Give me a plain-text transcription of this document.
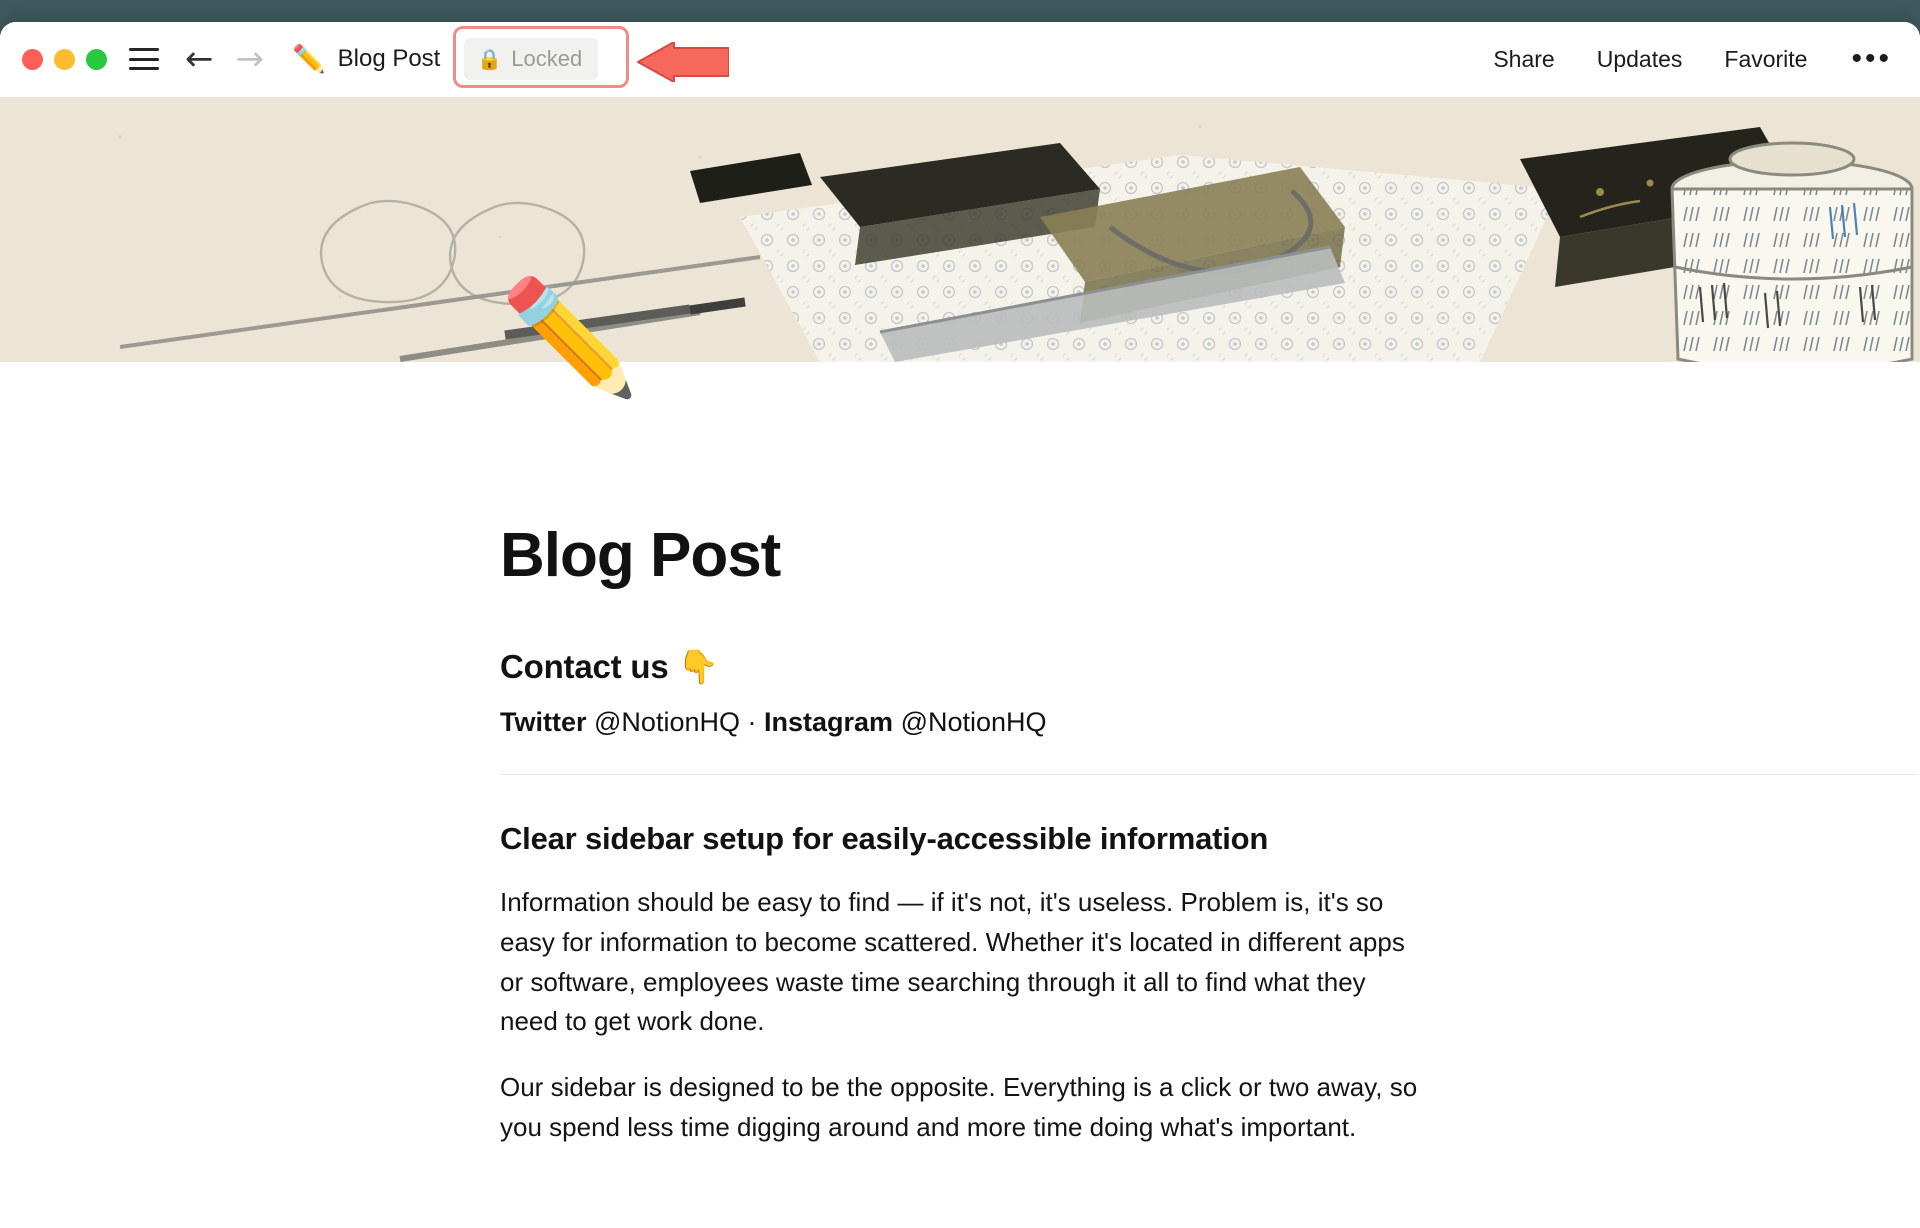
← → ✏️ Blog Post 🔒 Locked	Share Updates Favorite •••
✏️
Blog Post
Contact us 👇
Twitter @NotionHQ · Instagram @NotionHQ
Clear sidebar setup for easily-accessible information

Information should be easy to find — if it's not, it's useless. Problem is, it's so easy for information to become scattered. Whether it's located in different apps or software, employees waste time searching through it all to find what they need to get work done.

Our sidebar is designed to be the opposite. Everything is a click or two away, so you spend less time digging around and more time doing what's important.
